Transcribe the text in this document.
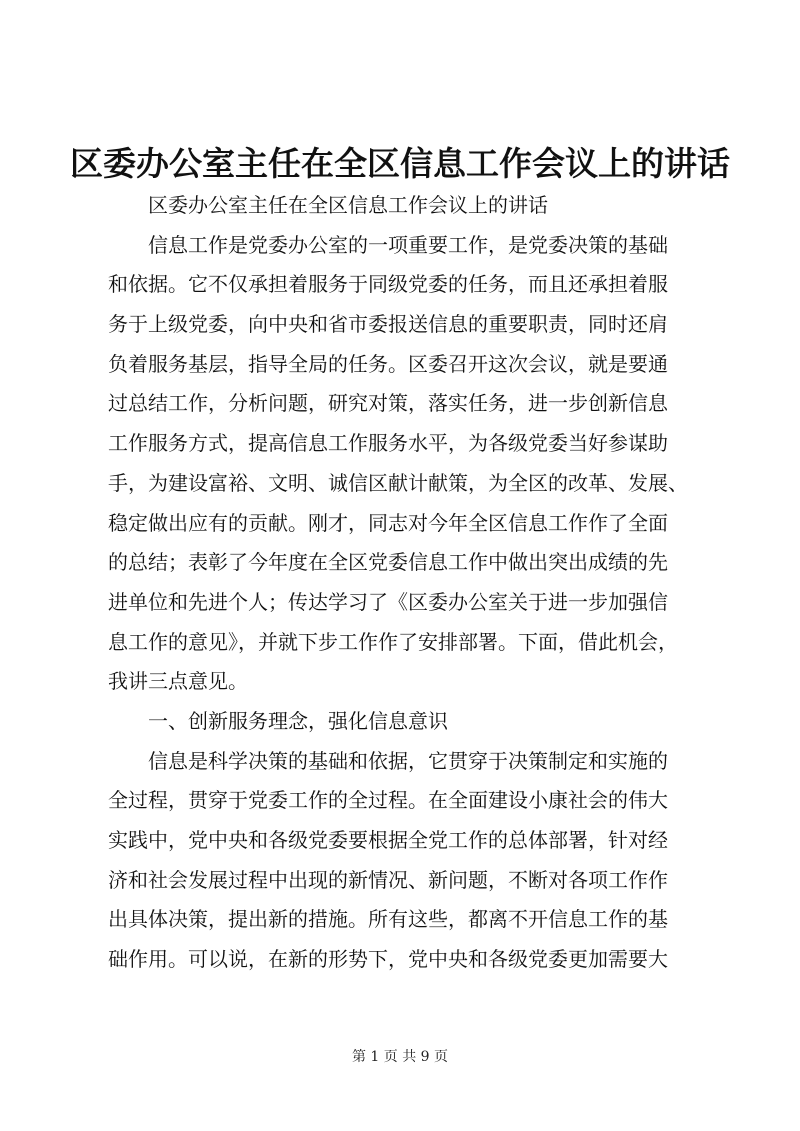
区委办公室主任在全区信息工作会议上的讲话
区委办公室主任在全区信息工作会议上的讲话
信息工作是党委办公室的一项重要工作，是党委决策的基础
和依据。它不仅承担着服务于同级党委的任务，而且还承担着服
务于上级党委，向中央和省市委报送信息的重要职责，同时还肩
负着服务基层，指导全局的任务。区委召开这次会议，就是要通
过总结工作，分析问题，研究对策，落实任务，进一步创新信息
工作服务方式，提高信息工作服务水平，为各级党委当好参谋助
手，为建设富裕、文明、诚信区献计献策，为全区的改革、发展、
稳定做出应有的贡献。刚才，同志对今年全区信息工作作了全面
的总结；表彰了今年度在全区党委信息工作中做出突出成绩的先
进单位和先进个人；传达学习了《区委办公室关于进一步加强信
息工作的意见》，并就下步工作作了安排部署。下面，借此机会，
我讲三点意见。
一、创新服务理念，强化信息意识
信息是科学决策的基础和依据，它贯穿于决策制定和实施的
全过程，贯穿于党委工作的全过程。在全面建设小康社会的伟大
实践中，党中央和各级党委要根据全党工作的总体部署，针对经
济和社会发展过程中出现的新情况、新问题，不断对各项工作作
出具体决策，提出新的措施。所有这些，都离不开信息工作的基
础作用。可以说，在新的形势下，党中央和各级党委更加需要大
第 1 页 共 9 页
